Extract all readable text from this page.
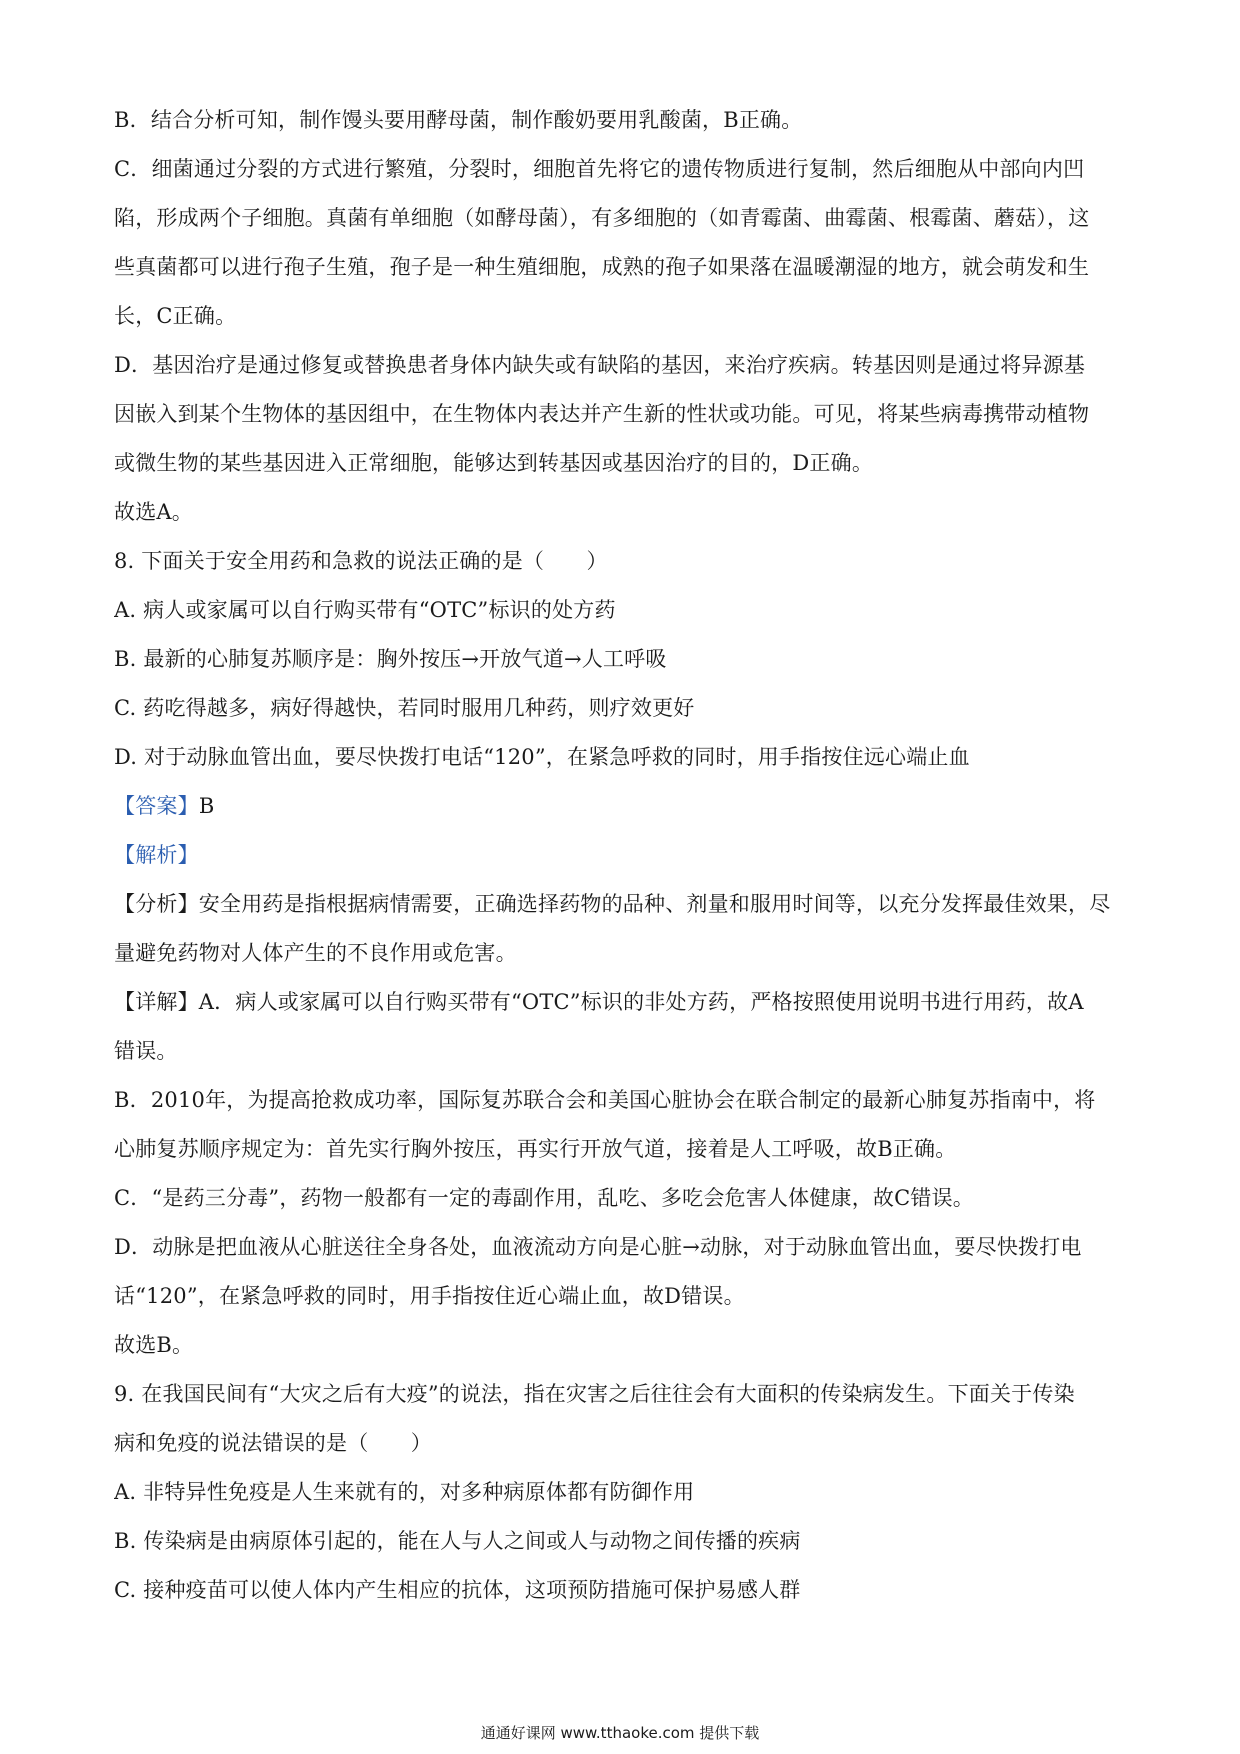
B．结合分析可知，制作馒头要用酵母菌，制作酸奶要用乳酸菌，B正确。
C．细菌通过分裂的方式进行繁殖，分裂时，细胞首先将它的遗传物质进行复制，然后细胞从中部向内凹
陷，形成两个子细胞。真菌有单细胞（如酵母菌），有多细胞的（如青霉菌、曲霉菌、根霉菌、蘑菇），这
些真菌都可以进行孢子生殖，孢子是一种生殖细胞，成熟的孢子如果落在温暖潮湿的地方，就会萌发和生
长，C正确。
D．基因治疗是通过修复或替换患者身体内缺失或有缺陷的基因，来治疗疾病。转基因则是通过将异源基
因嵌入到某个生物体的基因组中，在生物体内表达并产生新的性状或功能。可见，将某些病毒携带动植物
或微生物的某些基因进入正常细胞，能够达到转基因或基因治疗的目的，D正确。
故选A。
8. 下面关于安全用药和急救的说法正确的是（　　）
A. 病人或家属可以自行购买带有“OTC”标识的处方药
B. 最新的心肺复苏顺序是：胸外按压→开放气道→人工呼吸
C. 药吃得越多，病好得越快，若同时服用几种药，则疗效更好
D. 对于动脉血管出血，要尽快拨打电话“120”，在紧急呼救的同时，用手指按住远心端止血
【答案】B
【解析】
【分析】安全用药是指根据病情需要，正确选择药物的品种、剂量和服用时间等，以充分发挥最佳效果，尽
量避免药物对人体产生的不良作用或危害。
【详解】A．病人或家属可以自行购买带有“OTC”标识的非处方药，严格按照使用说明书进行用药，故A
错误。
B．2010年，为提高抢救成功率，国际复苏联合会和美国心脏协会在联合制定的最新心肺复苏指南中，将
心肺复苏顺序规定为：首先实行胸外按压，再实行开放气道，接着是人工呼吸，故B正确。
C．“是药三分毒”，药物一般都有一定的毒副作用，乱吃、多吃会危害人体健康，故C错误。
D．动脉是把血液从心脏送往全身各处，血液流动方向是心脏→动脉，对于动脉血管出血，要尽快拨打电
话“120”，在紧急呼救的同时，用手指按住近心端止血，故D错误。
故选B。
9. 在我国民间有“大灾之后有大疫”的说法，指在灾害之后往往会有大面积的传染病发生。下面关于传染
病和免疫的说法错误的是（　　）
A. 非特异性免疫是人生来就有的，对多种病原体都有防御作用
B. 传染病是由病原体引起的，能在人与人之间或人与动物之间传播的疾病
C. 接种疫苗可以使人体内产生相应的抗体，这项预防措施可保护易感人群
通通好课网 www.tthaoke.com 提供下载
